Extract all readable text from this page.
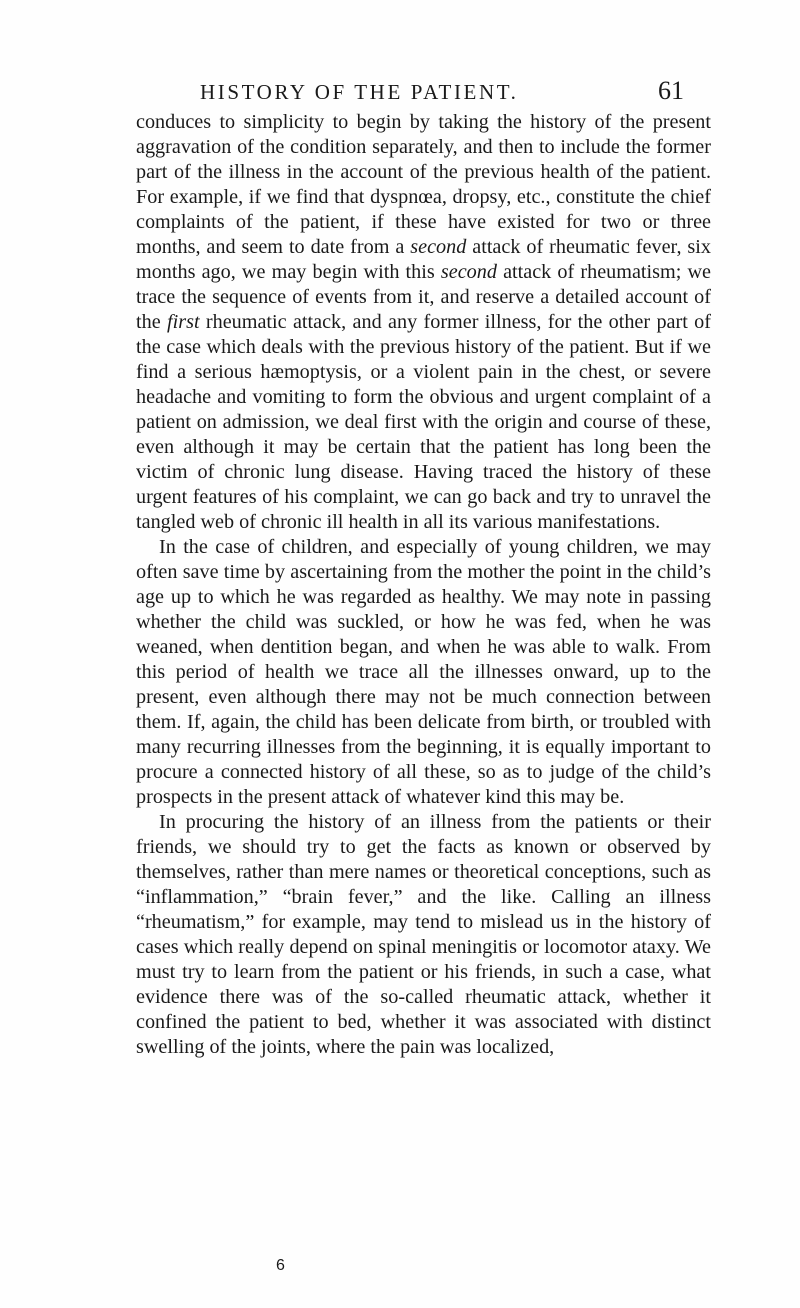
HISTORY OF THE PATIENT.	61

conduces to simplicity to begin by taking the history of the present aggravation of the condition separately, and then to include the former part of the illness in the account of the previous health of the patient. For example, if we find that dyspnœa, dropsy, etc., constitute the chief complaints of the patient, if these have existed for two or three months, and seem to date from a second attack of rheumatic fever, six months ago, we may begin with this second attack of rheumatism; we trace the sequence of events from it, and reserve a detailed account of the first rheumatic attack, and any former illness, for the other part of the case which deals with the previous history of the patient. But if we find a serious hæmoptysis, or a violent pain in the chest, or severe headache and vomiting to form the obvious and urgent complaint of a patient on admission, we deal first with the origin and course of these, even although it may be certain that the patient has long been the victim of chronic lung disease. Having traced the history of these urgent features of his complaint, we can go back and try to unravel the tangled web of chronic ill health in all its various manifestations.

In the case of children, and especially of young children, we may often save time by ascertaining from the mother the point in the child’s age up to which he was regarded as healthy. We may note in passing whether the child was suckled, or how he was fed, when he was weaned, when dentition began, and when he was able to walk. From this period of health we trace all the illnesses onward, up to the present, even although there may not be much connection between them. If, again, the child has been delicate from birth, or troubled with many recurring illnesses from the beginning, it is equally important to procure a connected history of all these, so as to judge of the child’s prospects in the present attack of whatever kind this may be.

In procuring the history of an illness from the patients or their friends, we should try to get the facts as known or observed by themselves, rather than mere names or theoretical conceptions, such as “inflammation,” “brain fever,” and the like. Calling an illness “rheumatism,” for example, may tend to mislead us in the history of cases which really depend on spinal meningitis or locomotor ataxy. We must try to learn from the patient or his friends, in such a case, what evidence there was of the so-called rheumatic attack, whether it confined the patient to bed, whether it was associated with distinct swelling of the joints, where the pain was localized,

6
